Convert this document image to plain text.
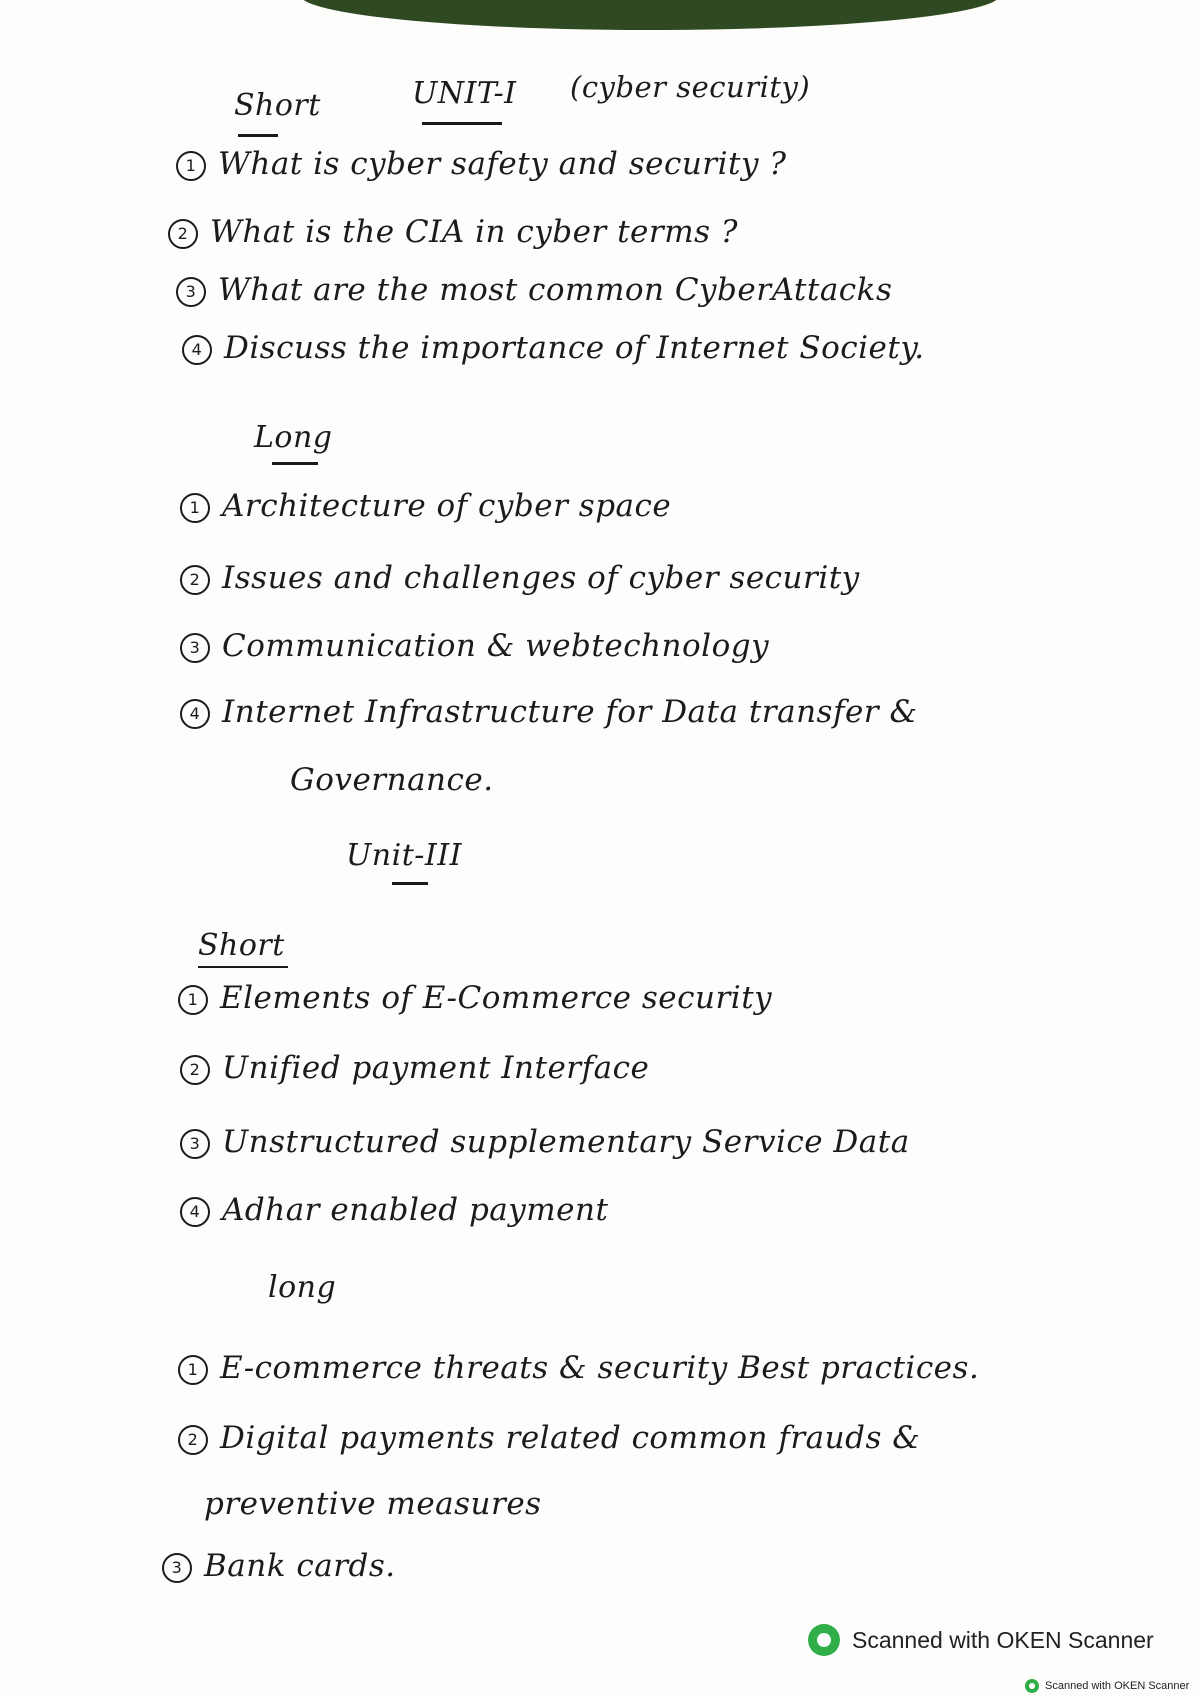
Short	UNIT-I (cyber security)
1 What is cyber safety and security ?
2 What is the CIA in cyber terms ?
3 What are the most common CyberAttacks
4 Discuss the importance of Internet Society.
Long
1 Architecture of cyber space
2 Issues and challenges of cyber security
3 Communication & webtechnology
4 Internet Infrastructure for Data transfer &
Governance.
Unit-III
Short
1 Elements of E-Commerce security
2 Unified payment Interface
3 Unstructured supplementary Service Data
4 Adhar enabled payment
long
1 E-commerce threats & security Best practices.
2 Digital payments related common frauds &
preventive measures
3 Bank cards.
Scanned with OKEN Scanner
Scanned with OKEN Scanner
